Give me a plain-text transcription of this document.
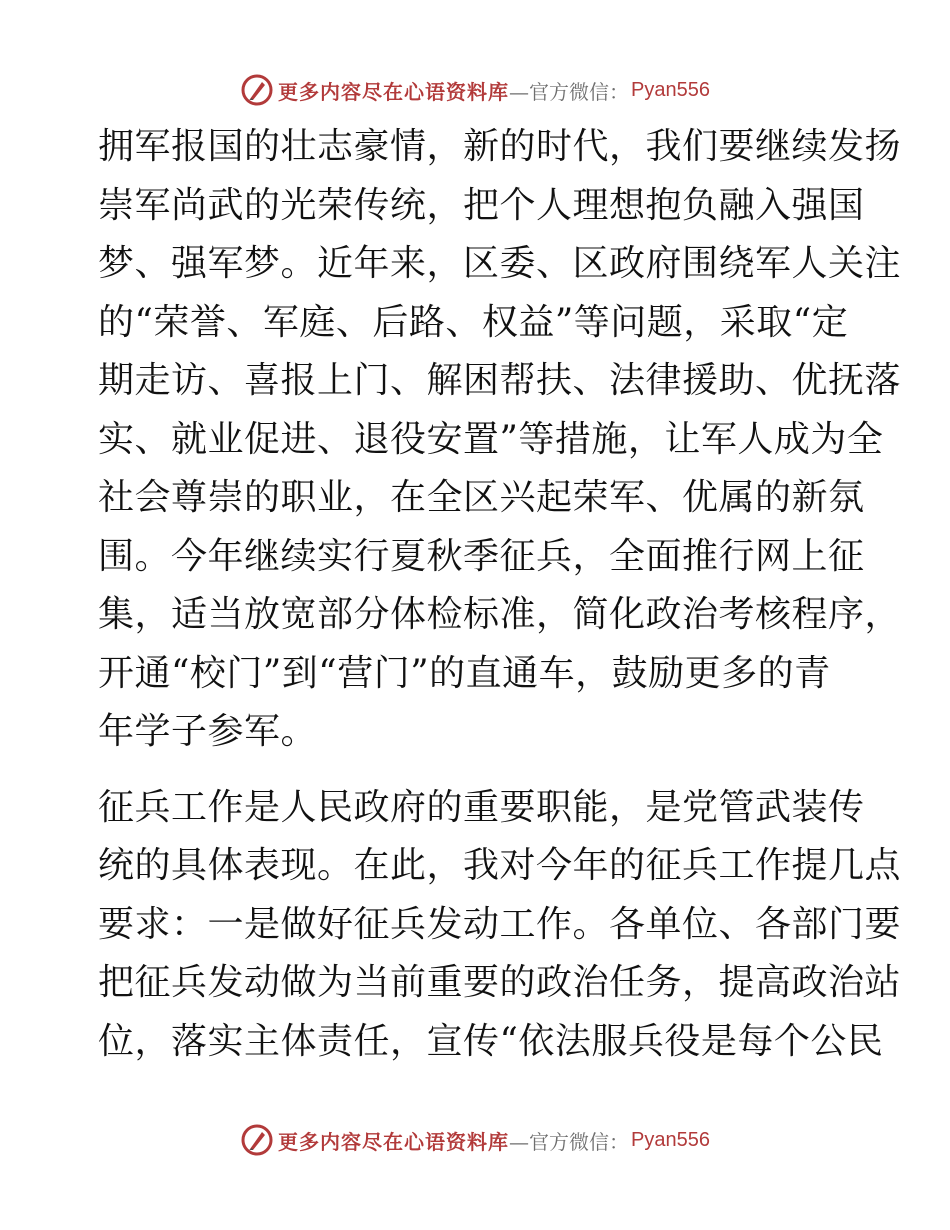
更多内容尽在心语资料库 —官方微信： Pyan556
拥军报国的壮志豪情，新的时代，我们要继续发扬
崇军尚武的光荣传统，把个人理想抱负融入强国
梦、强军梦。近年来，区委、区政府围绕军人关注
的“荣誉、军庭、后路、权益”等问题，采取“定
期走访、喜报上门、解困帮扶、法律援助、优抚落
实、就业促进、退役安置”等措施，让军人成为全
社会尊崇的职业，在全区兴起荣军、优属的新氛
围。今年继续实行夏秋季征兵，全面推行网上征
集，适当放宽部分体检标准，简化政治考核程序，
开通“校门”到“营门”的直通车，鼓励更多的青
年学子参军。
征兵工作是人民政府的重要职能，是党管武装传
统的具体表现。在此，我对今年的征兵工作提几点
要求：一是做好征兵发动工作。各单位、各部门要
把征兵发动做为当前重要的政治任务，提高政治站
位，落实主体责任，宣传“依法服兵役是每个公民
更多内容尽在心语资料库 —官方微信： Pyan556
